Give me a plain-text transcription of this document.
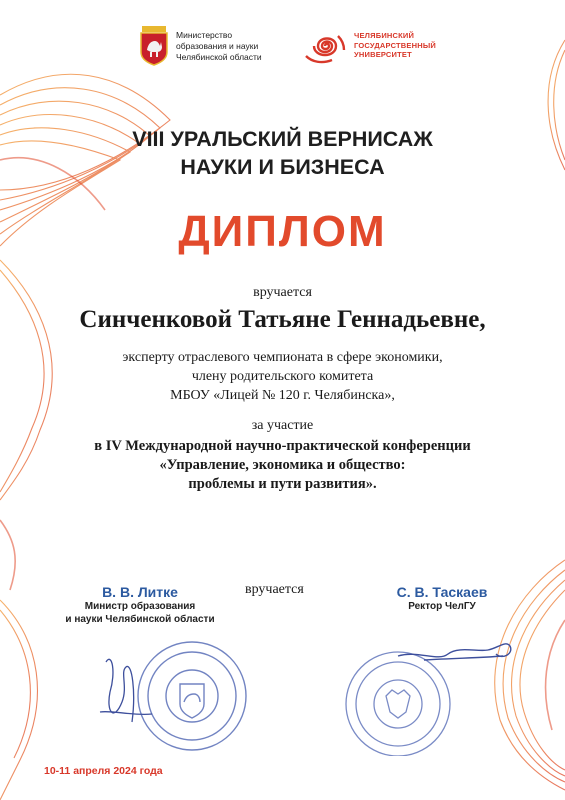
Министерство
образования и науки
Челябинской области
ЧЕЛЯБИНСКИЙ
ГОСУДАРСТВЕННЫЙ
УНИВЕРСИТЕТ
VIII УРАЛЬСКИЙ ВЕРНИСАЖ
НАУКИ И БИЗНЕСА
ДИПЛОМ
вручается
Синченковой Татьяне Геннадьевне,
эксперту отраслевого чемпионата в сфере экономики,
члену родительского комитета
МБОУ «Лицей № 120 г. Челябинска»,
за участие
в IV Международной научно-практической конференции
«Управление, экономика и общество:
проблемы и пути развития».
В. В. Литке
Министр образования
и науки Челябинской области
вручается	С. В. Таскаев
Ректор ЧелГУ
10-11 апреля 2024 года
